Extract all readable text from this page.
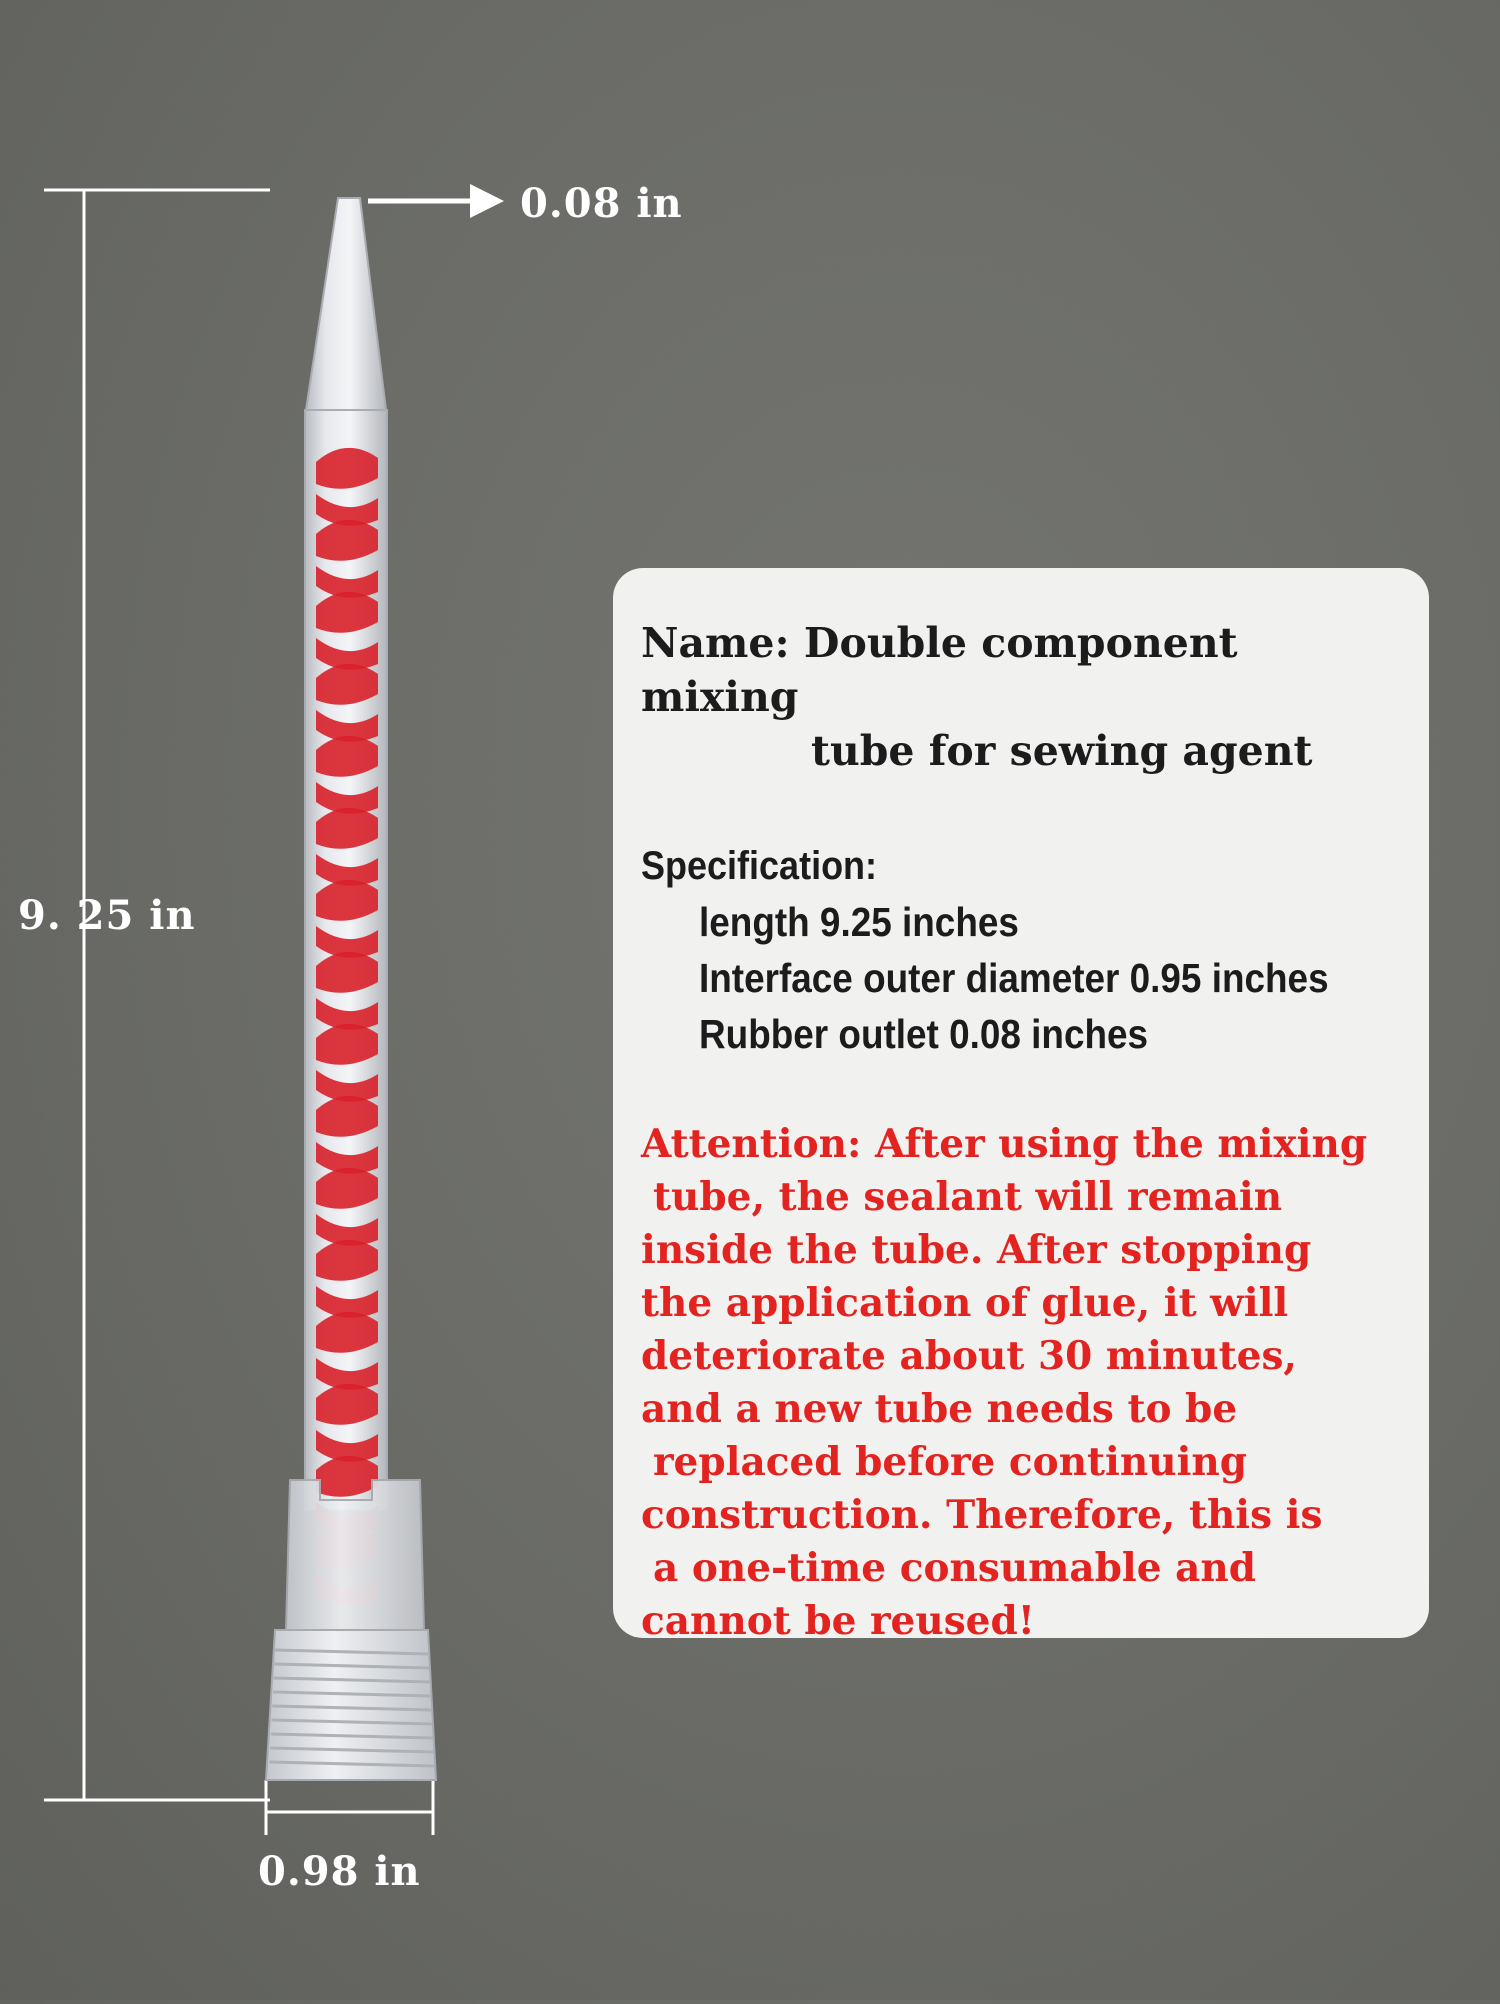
0.08 in
9. 25 in
0.98 in

Name: Double component mixing
tube for sewing agent

Specification:
length 9.25 inches
Interface outer diameter 0.95 inches
Rubber outlet 0.08 inches

Attention: After using the mixing
tube, the sealant will remain
inside the tube. After stopping
the application of glue, it will
deteriorate about 30 minutes,
and a new tube needs to be
replaced before continuing
construction. Therefore, this is
a one-time consumable and
cannot be reused!
